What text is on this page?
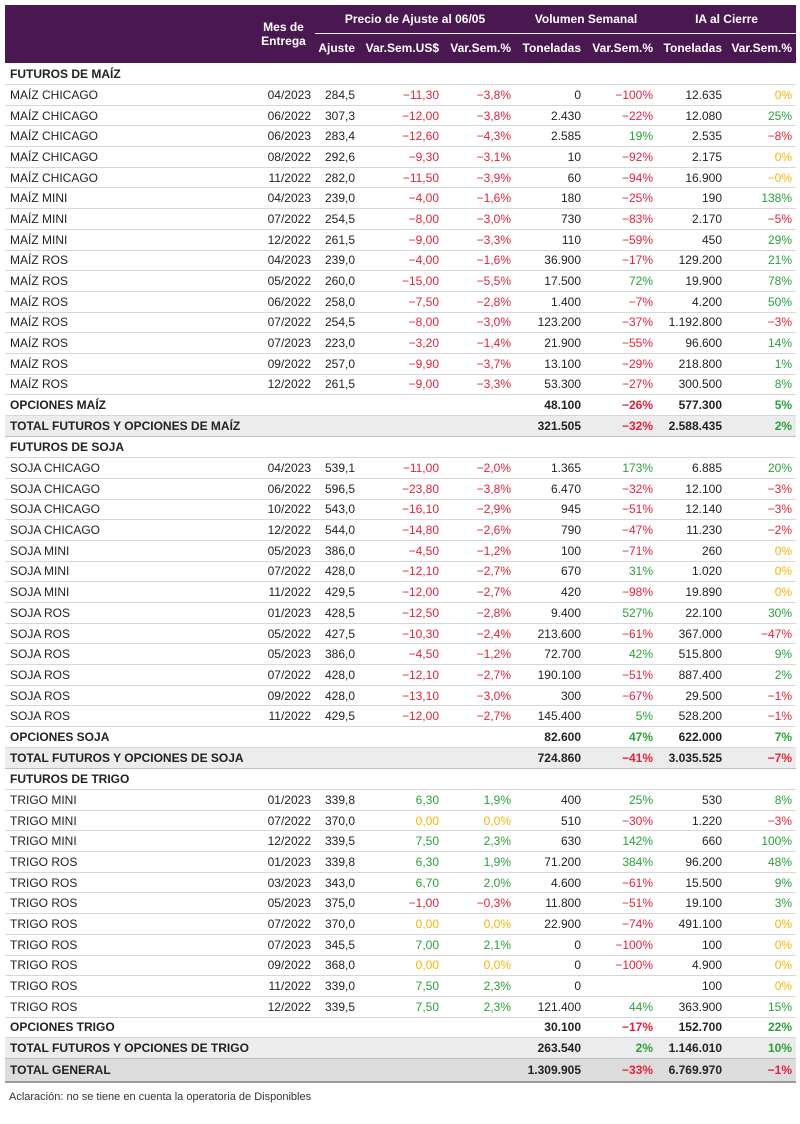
	Mes de
Entrega	Precio de Ajuste al 06/05			Volumen Semanal		IA al Cierre	
		Ajuste	Var.Sem.US$	Var.Sem.%	Toneladas	Var.Sem.%	Toneladas	Var.Sem.%
FUTUROS DE MAÍZ								
MAÍZ CHICAGO	04/2023	284,5	−11,30	−3,8%	0	−100%	12.635	0%
MAÍZ CHICAGO	06/2022	307,3	−12,00	−3,8%	2.430	−22%	12.080	25%
MAÍZ CHICAGO	06/2023	283,4	−12,60	−4,3%	2.585	19%	2.535	−8%
MAÍZ CHICAGO	08/2022	292,6	−9,30	−3,1%	10	−92%	2.175	0%
MAÍZ CHICAGO	11/2022	282,0	−11,50	−3,9%	60	−94%	16.900	−0%
MAÍZ MINI	04/2023	239,0	−4,00	−1,6%	180	−25%	190	138%
MAÍZ MINI	07/2022	254,5	−8,00	−3,0%	730	−83%	2.170	−5%
MAÍZ MINI	12/2022	261,5	−9,00	−3,3%	110	−59%	450	29%
MAÍZ ROS	04/2023	239,0	−4,00	−1,6%	36.900	−17%	129.200	21%
MAÍZ ROS	05/2022	260,0	−15,00	−5,5%	17.500	72%	19.900	78%
MAÍZ ROS	06/2022	258,0	−7,50	−2,8%	1.400	−7%	4.200	50%
MAÍZ ROS	07/2022	254,5	−8,00	−3,0%	123.200	−37%	1.192.800	−3%
MAÍZ ROS	07/2023	223,0	−3,20	−1,4%	21.900	−55%	96.600	14%
MAÍZ ROS	09/2022	257,0	−9,90	−3,7%	13.100	−29%	218.800	1%
MAÍZ ROS	12/2022	261,5	−9,00	−3,3%	53.300	−27%	300.500	8%
OPCIONES MAÍZ					48.100	−26%	577.300	5%
TOTAL FUTUROS Y OPCIONES DE MAÍZ					321.505	−32%	2.588.435	2%
FUTUROS DE SOJA								
SOJA CHICAGO	04/2023	539,1	−11,00	−2,0%	1.365	173%	6.885	20%
SOJA CHICAGO	06/2022	596,5	−23,80	−3,8%	6.470	−32%	12.100	−3%
SOJA CHICAGO	10/2022	543,0	−16,10	−2,9%	945	−51%	12.140	−3%
SOJA CHICAGO	12/2022	544,0	−14,80	−2,6%	790	−47%	11.230	−2%
SOJA MINI	05/2023	386,0	−4,50	−1,2%	100	−71%	260	0%
SOJA MINI	07/2022	428,0	−12,10	−2,7%	670	31%	1.020	0%
SOJA MINI	11/2022	429,5	−12,00	−2,7%	420	−98%	19.890	0%
SOJA ROS	01/2023	428,5	−12,50	−2,8%	9.400	527%	22.100	30%
SOJA ROS	05/2022	427,5	−10,30	−2,4%	213.600	−61%	367.000	−47%
SOJA ROS	05/2023	386,0	−4,50	−1,2%	72.700	42%	515.800	9%
SOJA ROS	07/2022	428,0	−12,10	−2,7%	190.100	−51%	887.400	2%
SOJA ROS	09/2022	428,0	−13,10	−3,0%	300	−67%	29.500	−1%
SOJA ROS	11/2022	429,5	−12,00	−2,7%	145.400	5%	528.200	−1%
OPCIONES SOJA					82.600	47%	622.000	7%
TOTAL FUTUROS Y OPCIONES DE SOJA					724.860	−41%	3.035.525	−7%
FUTUROS DE TRIGO								
TRIGO MINI	01/2023	339,8	6,30	1,9%	400	25%	530	8%
TRIGO MINI	07/2022	370,0	0,00	0,0%	510	−30%	1.220	−3%
TRIGO MINI	12/2022	339,5	7,50	2,3%	630	142%	660	100%
TRIGO ROS	01/2023	339,8	6,30	1,9%	71.200	384%	96.200	48%
TRIGO ROS	03/2023	343,0	6,70	2,0%	4.600	−61%	15.500	9%
TRIGO ROS	05/2023	375,0	−1,00	−0,3%	11.800	−51%	19.100	3%
TRIGO ROS	07/2022	370,0	0,00	0,0%	22.900	−74%	491.100	0%
TRIGO ROS	07/2023	345,5	7,00	2,1%	0	−100%	100	0%
TRIGO ROS	09/2022	368,0	0,00	0,0%	0	−100%	4.900	0%
TRIGO ROS	11/2022	339,0	7,50	2,3%	0		100	0%
TRIGO ROS	12/2022	339,5	7,50	2,3%	121.400	44%	363.900	15%
OPCIONES TRIGO					30.100	−17%	152.700	22%
TOTAL FUTUROS Y OPCIONES DE TRIGO					263.540	2%	1.146.010	10%
TOTAL GENERAL					1.309.905	−33%	6.769.970	−1%
Aclaración: no se tiene en cuenta la operatoria de Disponibles
